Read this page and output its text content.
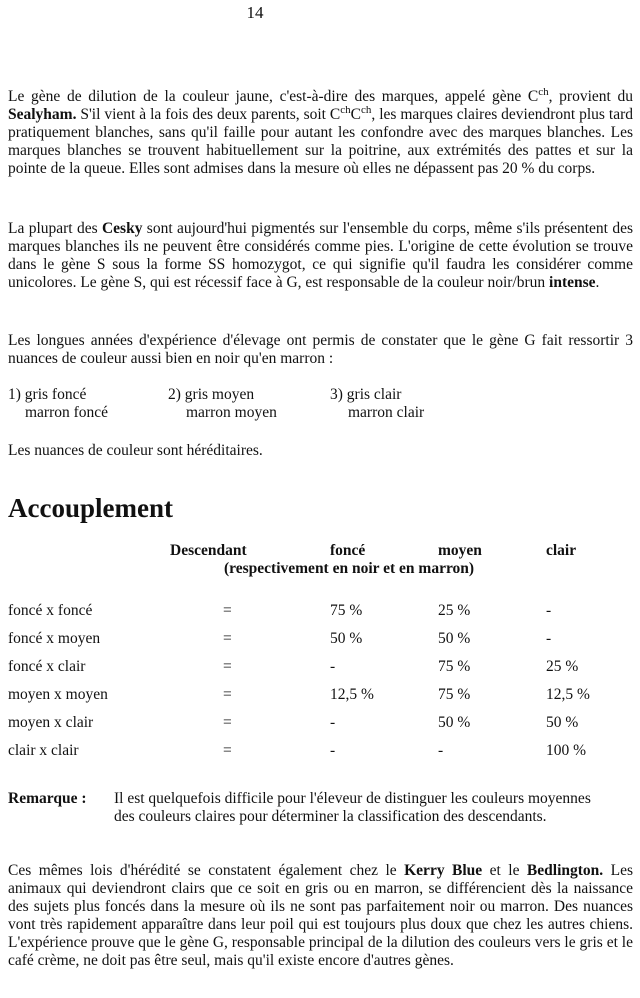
14

Le gène de dilution de la couleur jaune, c'est-à-dire des marques, appelé gène $C^{ch}$, provient du Sealyham. S'il vient à la fois des deux parents, soit $C^{ch}C^{ch}$, les marques claires deviendront plus tard pratiquement blanches, sans qu'il faille pour autant les confondre avec des marques blanches. Les marques blanches se trouvent habituellement sur la poitrine, aux extrémités des pattes et sur la pointe de la queue. Elles sont admises dans la mesure où elles ne dépassent pas 20 % du corps.

La plupart des Cesky sont aujourd'hui pigmentés sur l'ensemble du corps, même s'ils présentent des marques blanches ils ne peuvent être considérés comme pies. L'origine de cette évolution se trouve dans le gène S sous la forme SS homozygot, ce qui signifie qu'il faudra les considérer comme unicolores. Le gène S, qui est récessif face à G, est responsable de la couleur noir/brun intense.

Les longues années d'expérience d'élevage ont permis de constater que le gène G fait ressortir 3 nuances de couleur aussi bien en noir qu'en marron :

1) gris foncé
marron foncé
2) gris moyen
marron moyen
3) gris clair
marron clair

Les nuances de couleur sont héréditaires.

Accouplement
Descendant	foncé	moyen	clair
(respectivement en noir et en marron)
foncé x foncé	=	75 %	25 %	-
foncé x moyen	=	50 %	50 %	-
foncé x clair	=	-	75 %	25 %
moyen x moyen	=	12,5 %	75 %	12,5 %
moyen x clair	=	-	50 %	50 %
clair x clair	=	-	-	100 %
Remarque : Il est quelquefois difficile pour l'éleveur de distinguer les couleurs moyennes des couleurs claires pour déterminer la classification des descendants.

Ces mêmes lois d'hérédité se constatent également chez le Kerry Blue et le Bedlington. Les animaux qui deviendront clairs que ce soit en gris ou en marron, se différencient dès la naissance des sujets plus foncés dans la mesure où ils ne sont pas parfaitement noir ou marron. Des nuances vont très rapidement apparaître dans leur poil qui est toujours plus doux que chez les autres chiens. L'expérience prouve que le gène G, responsable principal de la dilution des couleurs vers le gris et le café crème, ne doit pas être seul, mais qu'il existe encore d'autres gènes.
